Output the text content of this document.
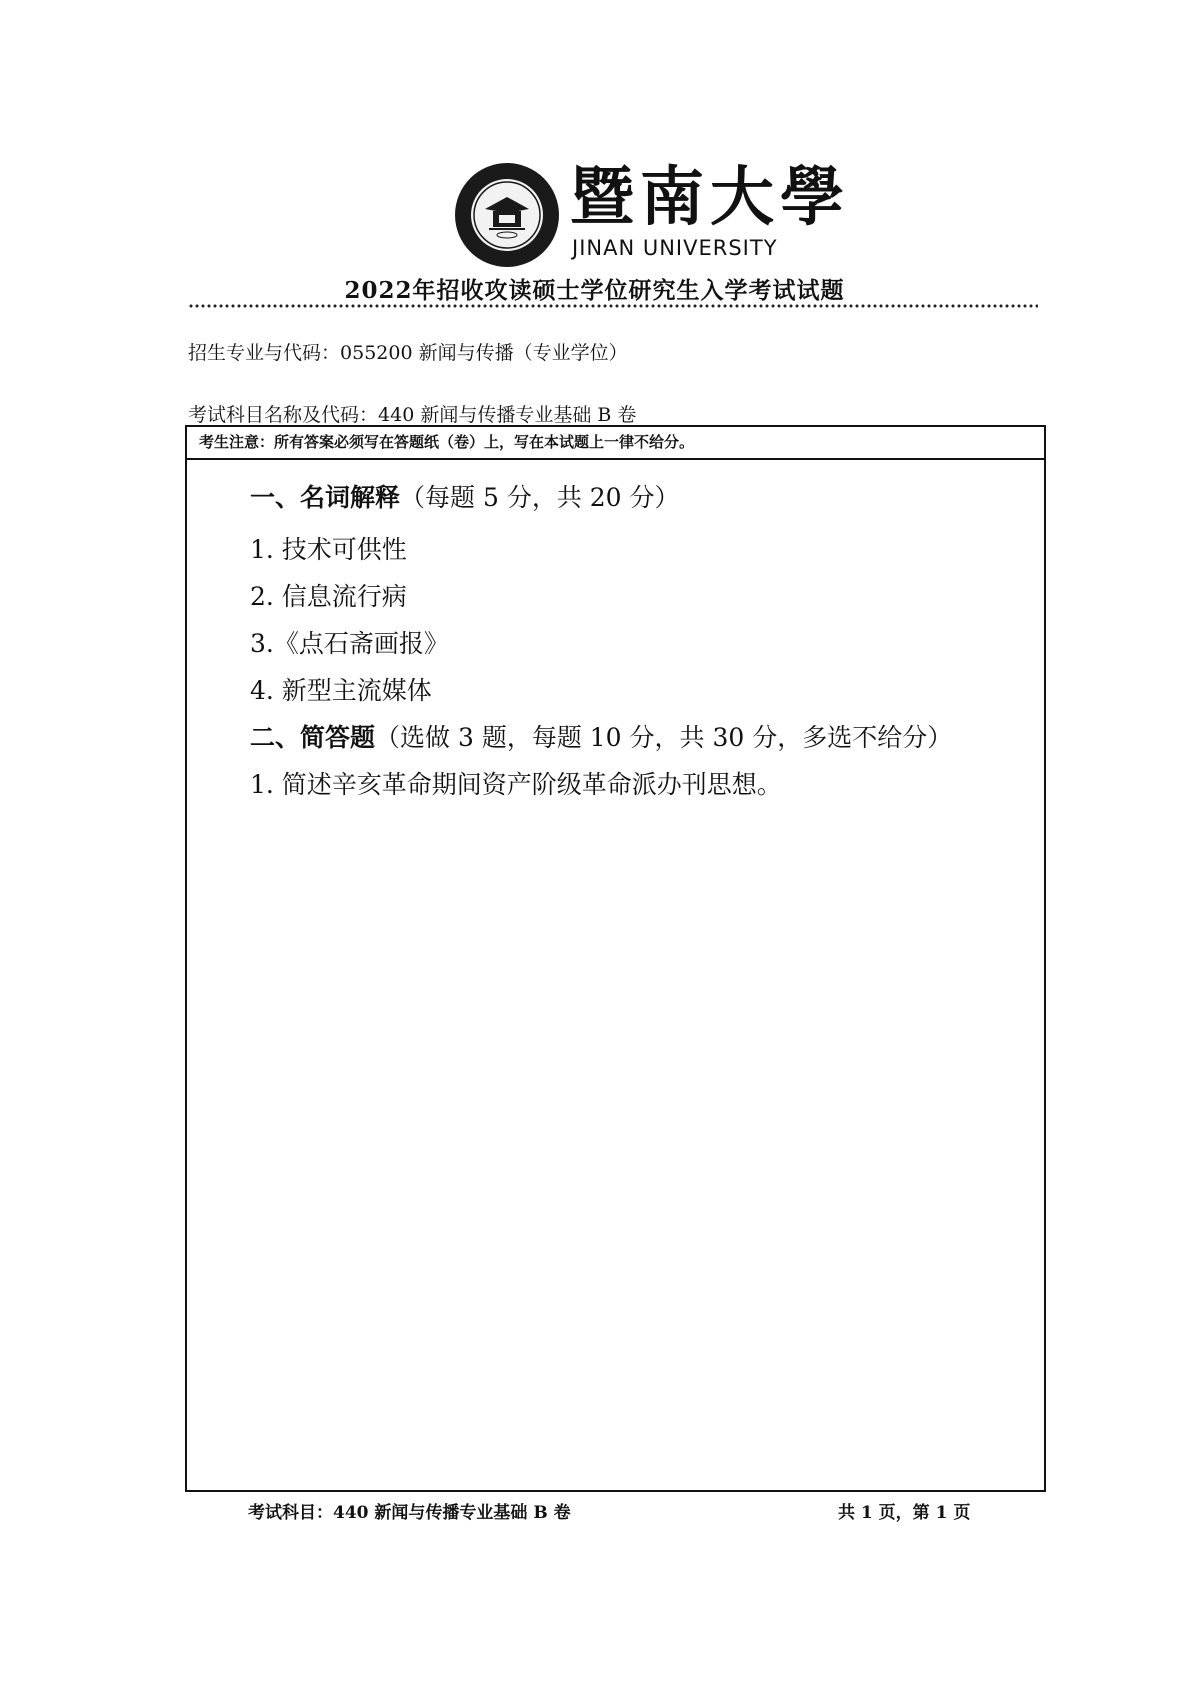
暨南大學
JINAN UNIVERSITY
2022年招收攻读硕士学位研究生入学考试试题
招生专业与代码：055200 新闻与传播（专业学位）
考试科目名称及代码：440 新闻与传播专业基础 B 卷
考生注意：所有答案必须写在答题纸（卷）上，写在本试题上一律不给分。
一、名词解释（每题 5 分，共 20 分）
1. 技术可供性
2. 信息流行病
3.《点石斋画报》
4. 新型主流媒体
二、简答题（选做 3 题，每题 10 分，共 30 分，多选不给分）
1. 简述辛亥革命期间资产阶级革命派办刊思想。
考试科目：440 新闻与传播专业基础 B 卷	共 1 页，第 1 页
